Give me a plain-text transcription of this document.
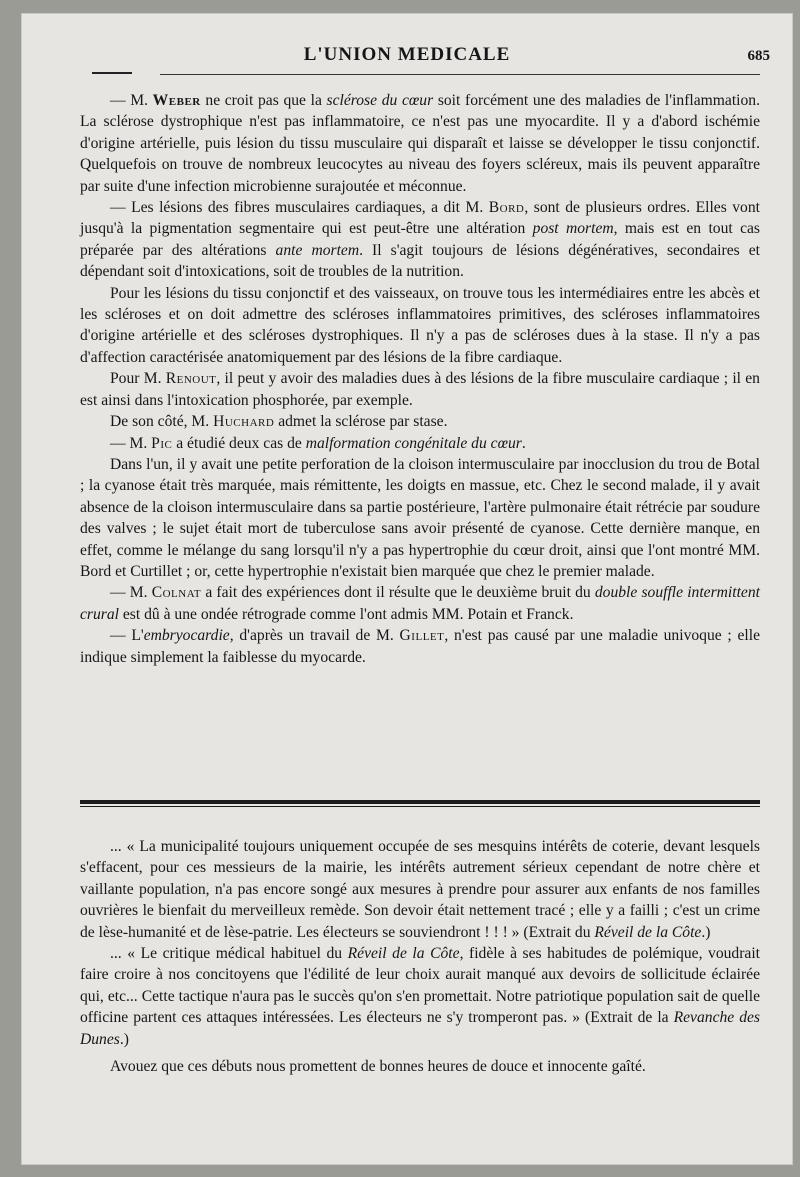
L'UNION MEDICALE	685

— M. Weber ne croit pas que la sclérose du cœur soit forcément une des maladies de l'inflammation. La sclérose dystrophique n'est pas inflammatoire, ce n'est pas une myocardite. Il y a d'abord ischémie d'origine artérielle, puis lésion du tissu musculaire qui disparaît et laisse se développer le tissu conjonctif. Quelquefois on trouve de nombreux leucocytes au niveau des foyers scléreux, mais ils peuvent apparaître par suite d'une infection microbienne surajoutée et méconnue.

— Les lésions des fibres musculaires cardiaques, a dit M. Bord, sont de plusieurs ordres. Elles vont jusqu'à la pigmentation segmentaire qui est peut-être une altération post mortem, mais est en tout cas préparée par des altérations ante mortem. Il s'agit toujours de lésions dégénératives, secondaires et dépendant soit d'intoxications, soit de troubles de la nutrition.

Pour les lésions du tissu conjonctif et des vaisseaux, on trouve tous les intermédiaires entre les abcès et les scléroses et on doit admettre des scléroses inflammatoires primitives, des scléroses inflammatoires d'origine artérielle et des scléroses dystrophiques. Il n'y a pas de scléroses dues à la stase. Il n'y a pas d'affection caractérisée anatomiquement par des lésions de la fibre cardiaque.

Pour M. Renout, il peut y avoir des maladies dues à des lésions de la fibre musculaire cardiaque ; il en est ainsi dans l'intoxication phosphorée, par exemple.

De son côté, M. Huchard admet la sclérose par stase.

— M. Pic a étudié deux cas de malformation congénitale du cœur.

Dans l'un, il y avait une petite perforation de la cloison intermusculaire par inocclusion du trou de Botal ; la cyanose était très marquée, mais rémittente, les doigts en massue, etc. Chez le second malade, il y avait absence de la cloison intermusculaire dans sa partie postérieure, l'artère pulmonaire était rétrécie par soudure des valves ; le sujet était mort de tuberculose sans avoir présenté de cyanose. Cette dernière manque, en effet, comme le mélange du sang lorsqu'il n'y a pas hypertrophie du cœur droit, ainsi que l'ont montré MM. Bord et Curtillet ; or, cette hypertrophie n'existait bien marquée que chez le premier malade.

— M. Colnat a fait des expériences dont il résulte que le deuxième bruit du double souffle intermittent crural est dû à une ondée rétrograde comme l'ont admis MM. Potain et Franck.

— L'embryocardie, d'après un travail de M. Gillet, n'est pas causé par une maladie univoque ; elle indique simplement la faiblesse du myocarde.

... « La municipalité toujours uniquement occupée de ses mesquins intérêts de coterie, devant lesquels s'effacent, pour ces messieurs de la mairie, les intérêts autrement sérieux cependant de notre chère et vaillante population, n'a pas encore songé aux mesures à prendre pour assurer aux enfants de nos familles ouvrières le bienfait du merveilleux remède. Son devoir était nettement tracé ; elle y a failli ; c'est un crime de lèse-humanité et de lèse-patrie. Les électeurs se souviendront ! ! ! » (Extrait du Réveil de la Côte.)

... « Le critique médical habituel du Réveil de la Côte, fidèle à ses habitudes de polémique, voudrait faire croire à nos concitoyens que l'édilité de leur choix aurait manqué aux devoirs de sollicitude éclairée qui, etc... Cette tactique n'aura pas le succès qu'on s'en promettait. Notre patriotique population sait de quelle officine partent ces attaques intéressées. Les électeurs ne s'y tromperont pas. » (Extrait de la Revanche des Dunes.)

Avouez que ces débuts nous promettent de bonnes heures de douce et innocente gaîté.
